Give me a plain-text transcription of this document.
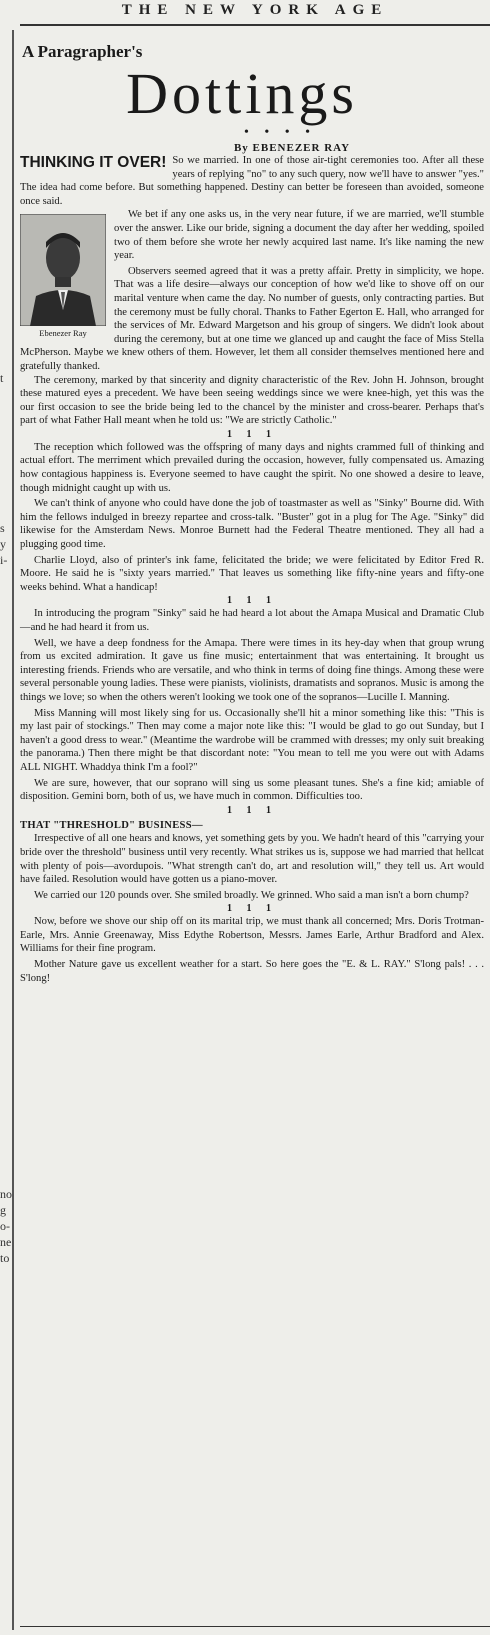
THE NEW YORK AGE
t
s
y
i-
no
g
o-
ne
to
A Paragrapher's
Dottings
• • • •
By EBENEZER RAY
THINKING IT OVER! So we married. In one of those air-tight ceremonies too. After all these years of replying "no" to any such query, now we'll have to answer "yes." The idea had come before. But something happened. Destiny can better be foreseen than avoided, someone once said.

Ebenezer Ray

We bet if any one asks us, in the very near future, if we are married, we'll stumble over the answer. Like our bride, signing a document the day after her wedding, spoiled two of them before she wrote her newly acquired last name. It's like naming the new year.

Observers seemed agreed that it was a pretty affair. Pretty in simplicity, we hope. That was a life desire—always our conception of how we'd like to shove off on our marital venture when came the day. No number of guests, only contracting parties. But the ceremony must be fully choral. Thanks to Father Egerton E. Hall, who arranged for the services of Mr. Edward Margetson and his group of singers. We didn't look about during the ceremony, but at one time we glanced up and caught the face of Miss Stella McPherson. Maybe we knew others of them. However, let them all consider themselves mentioned here and gratefully thanked.

The ceremony, marked by that sincerity and dignity characteristic of the Rev. John H. Johnson, brought these matured eyes a precedent. We have been seeing weddings since we were knee-high, yet this was the our first occasion to see the bride being led to the chancel by the minister and cross-bearer. Perhaps that's part of what Father Hall meant when he told us: "We are strictly Catholic."

1 1 1

The reception which followed was the offspring of many days and nights crammed full of thinking and actual effort. The merriment which prevailed during the occasion, however, fully compensated us. Amazing how contagious happiness is. Everyone seemed to have caught the spirit. No one showed a desire to leave, though midnight caught up with us.

We can't think of anyone who could have done the job of toastmaster as well as "Sinky" Bourne did. With him the fellows indulged in breezy repartee and cross-talk. "Buster" got in a plug for The Age. "Sinky" did likewise for the Amsterdam News. Monroe Burnett had the Federal Theatre mentioned. They all had a plugging good time.

Charlie Lloyd, also of printer's ink fame, felicitated the bride; we were felicitated by Editor Fred R. Moore. He said he is "sixty years married." That leaves us something like fifty-nine years and fifty-one weeks behind. What a handicap!

1 1 1

In introducing the program "Sinky" said he had heard a lot about the Amapa Musical and Dramatic Club—and he had heard it from us.

Well, we have a deep fondness for the Amapa. There were times in its hey-day when that group wrung from us excited admiration. It gave us fine music; entertainment that was entertaining. It brought us interesting friends. Friends who are versatile, and who think in terms of doing fine things. Among these were several personable young ladies. These were pianists, violinists, dramatists and sopranos. Music is among the things we love; so when the others weren't looking we took one of the sopranos—Lucille I. Manning.

Miss Manning will most likely sing for us. Occasionally she'll hit a minor something like this: "This is my last pair of stockings." Then may come a major note like this: "I would be glad to go out Sunday, but I haven't a good dress to wear." (Meantime the wardrobe will be crammed with dresses; my only suit breaking the panorama.) Then there might be that discordant note: "You mean to tell me you were out with Adams ALL NIGHT. Whaddya think I'm a fool?"

We are sure, however, that our soprano will sing us some pleasant tunes. She's a fine kid; amiable of disposition. Gemini born, both of us, we have much in common. Difficulties too.

1 1 1
THAT "THRESHOLD" BUSINESS—

Irrespective of all one hears and knows, yet something gets by you. We hadn't heard of this "carrying your bride over the threshold" business until very recently. What strikes us is, suppose we had married that hellcat with plenty of pois—avordupois. "What strength can't do, art and resolution will," they tell us. Art would have failed. Resolution would have gotten us a piano-mover.

We carried our 120 pounds over. She smiled broadly. We grinned. Who said a man isn't a born chump?

1 1 1

Now, before we shove our ship off on its marital trip, we must thank all concerned; Mrs. Doris Trotman-Earle, Mrs. Annie Greenaway, Miss Edythe Robertson, Messrs. James Earle, Arthur Bradford and Alex. Williams for their fine program.

Mother Nature gave us excellent weather for a start. So here goes the "E. & L. RAY." S'long pals! . . . S'long!
